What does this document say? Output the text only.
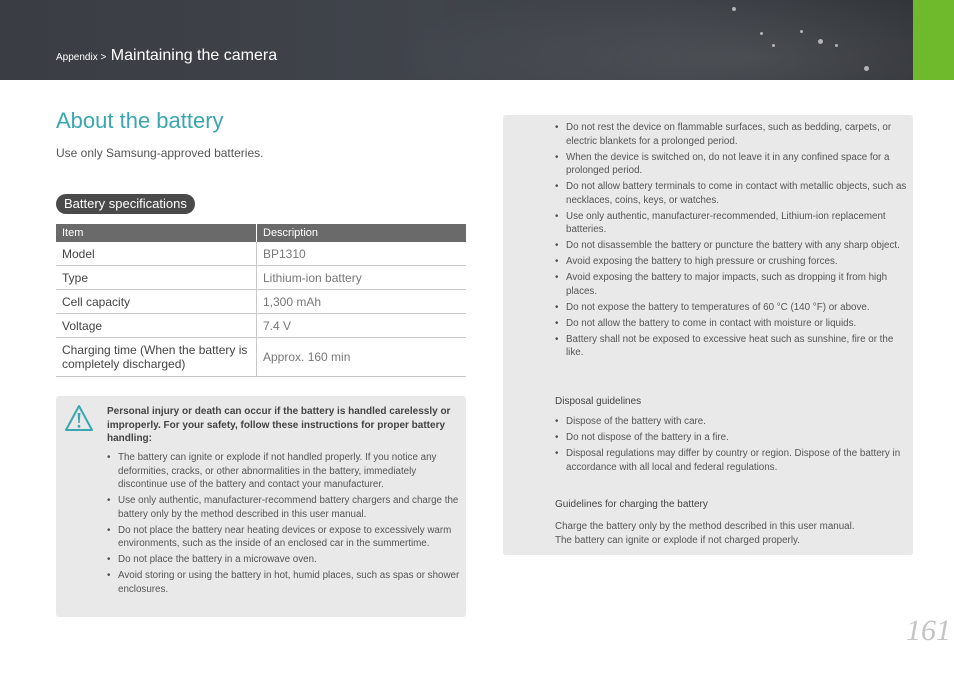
Appendix > Maintaining the camera
About the battery
Use only Samsung-approved batteries.
Battery specifications
Item	Description
Model	BP1310
Type	Lithium-ion battery
Cell capacity	1,300 mAh
Voltage	7.4 V
Charging time (When the battery is completely discharged)	Approx. 160 min
Personal injury or death can occur if the battery is handled carelessly or improperly. For your safety, follow these instructions for proper battery handling:
• The battery can ignite or explode if not handled properly. If you notice any deformities, cracks, or other abnormalities in the battery, immediately discontinue use of the battery and contact your manufacturer.
• Use only authentic, manufacturer-recommend battery chargers and charge the battery only by the method described in this user manual.
• Do not place the battery near heating devices or expose to excessively warm environments, such as the inside of an enclosed car in the summertime.
• Do not place the battery in a microwave oven.
• Avoid storing or using the battery in hot, humid places, such as spas or shower enclosures.
• Do not rest the device on flammable surfaces, such as bedding, carpets, or electric blankets for a prolonged period.
• When the device is switched on, do not leave it in any confined space for a prolonged period.
• Do not allow battery terminals to come in contact with metallic objects, such as necklaces, coins, keys, or watches.
• Use only authentic, manufacturer-recommended, Lithium-ion replacement batteries.
• Do not disassemble the battery or puncture the battery with any sharp object.
• Avoid exposing the battery to high pressure or crushing forces.
• Avoid exposing the battery to major impacts, such as dropping it from high places.
• Do not expose the battery to temperatures of 60 °C (140 °F) or above.
• Do not allow the battery to come in contact with moisture or liquids.
• Battery shall not be exposed to excessive heat such as sunshine, fire or the like.
Disposal guidelines
• Dispose of the battery with care.
• Do not dispose of the battery in a fire.
• Disposal regulations may differ by country or region. Dispose of the battery in accordance with all local and federal regulations.
Guidelines for charging the battery
Charge the battery only by the method described in this user manual.
The battery can ignite or explode if not charged properly.
161
